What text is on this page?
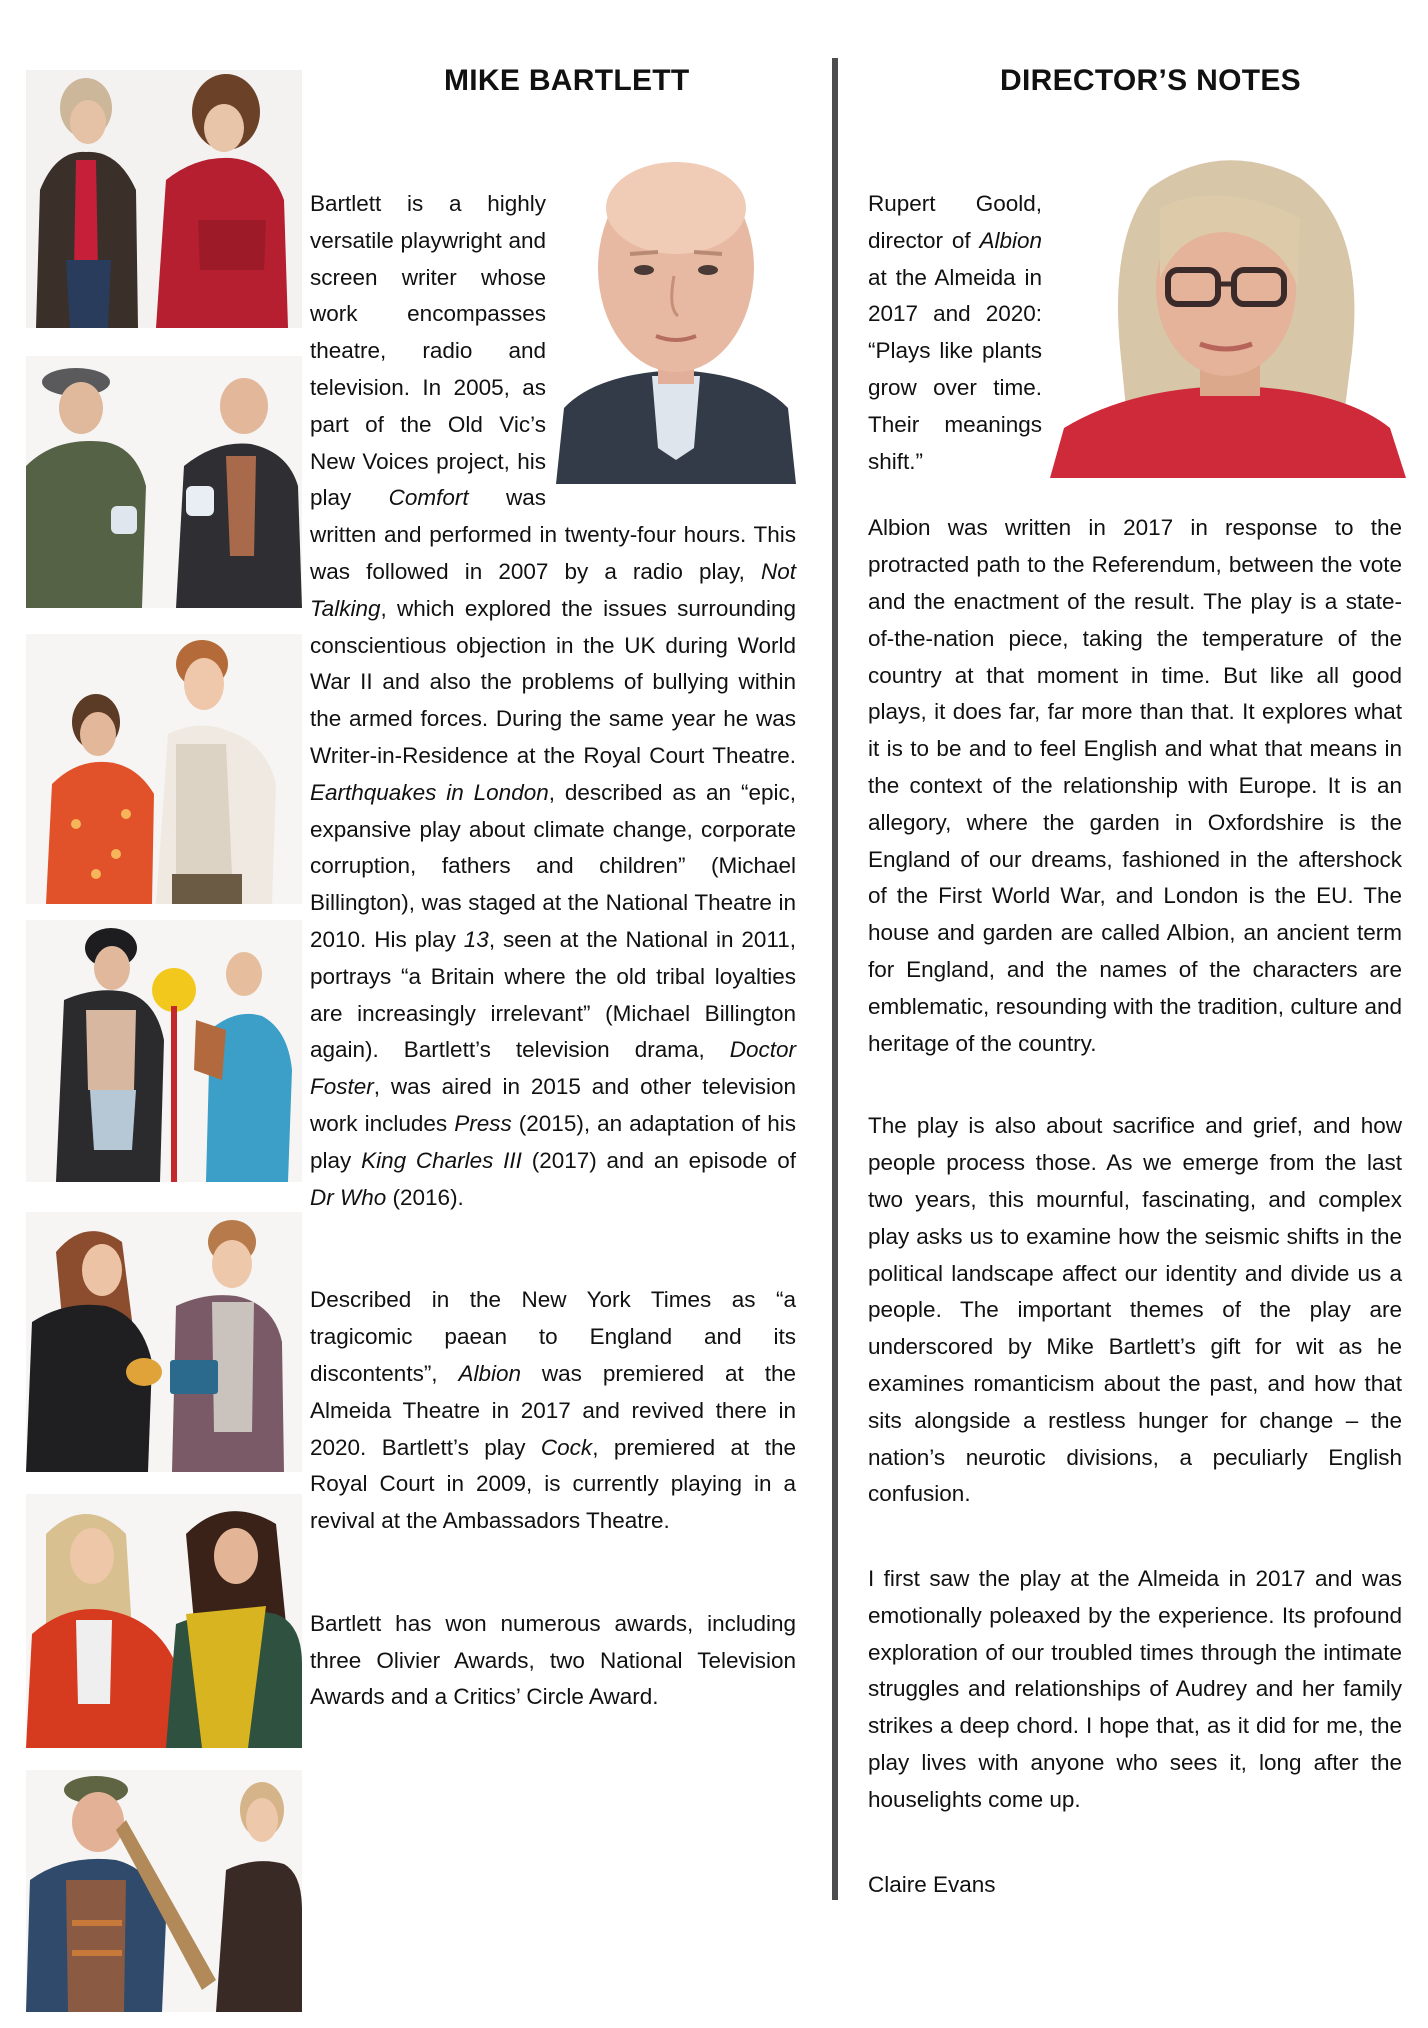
MIKE BARTLETT

Bartlett is a highly versatile playwright and screen writer whose work encompasses theatre, radio and television. In 2005, as part of the Old Vic’s New Voices project, his play Comfort was written and performed in twenty-four hours. This was followed in 2007 by a radio play, Not Talking, which explored the issues surrounding conscientious objection in the UK during World War II and also the problems of bullying within the armed forces. During the same year he was Writer-in-Residence at the Royal Court Theatre. Earthquakes in London, described as an “epic, expansive play about climate change, corporate corruption, fathers and children” (Michael Billington), was staged at the National Theatre in 2010. His play 13, seen at the National in 2011, portrays “a Britain where the old tribal loyalties are increasingly irrelevant” (Michael Billington again). Bartlett’s television drama, Doctor Foster, was aired in 2015 and other television work includes Press (2015), an adaptation of his play King Charles III (2017) and an episode of Dr Who (2016).

Described in the New York Times as “a tragicomic paean to England and its discontents”, Albion was premiered at the Almeida Theatre in 2017 and revived there in 2020. Bartlett’s play Cock, premiered at the Royal Court in 2009, is currently playing in a revival at the Ambassadors Theatre.

Bartlett has won numerous awards, including three Olivier Awards, two National Television Awards and a Critics’ Circle Award.

DIRECTOR’S NOTES

Rupert Goold, director of Albion at the Almeida in 2017 and 2020: “Plays like plants grow over time. Their meanings shift.”

Albion was written in 2017 in response to the protracted path to the Referendum, between the vote and the enactment of the result. The play is a state-of-the-nation piece, taking the temperature of the country at that moment in time. But like all good plays, it does far, far more than that. It explores what it is to be and to feel English and what that means in the context of the relationship with Europe. It is an allegory, where the garden in Oxfordshire is the England of our dreams, fashioned in the aftershock of the First World War, and London is the EU. The house and garden are called Albion, an ancient term for England, and the names of the characters are emblematic, resounding with the tradition, culture and heritage of the country.

The play is also about sacrifice and grief, and how people process those. As we emerge from the last two years, this mournful, fascinating, and complex play asks us to examine how the seismic shifts in the political landscape affect our identity and divide us a people. The important themes of the play are underscored by Mike Bartlett’s gift for wit as he examines romanticism about the past, and how that sits alongside a restless hunger for change – the nation’s neurotic divisions, a peculiarly English confusion.

I first saw the play at the Almeida in 2017 and was emotionally poleaxed by the experience. Its profound exploration of our troubled times through the intimate struggles and relationships of Audrey and her family strikes a deep chord. I hope that, as it did for me, the play lives with anyone who sees it, long after the houselights come up.

Claire Evans
